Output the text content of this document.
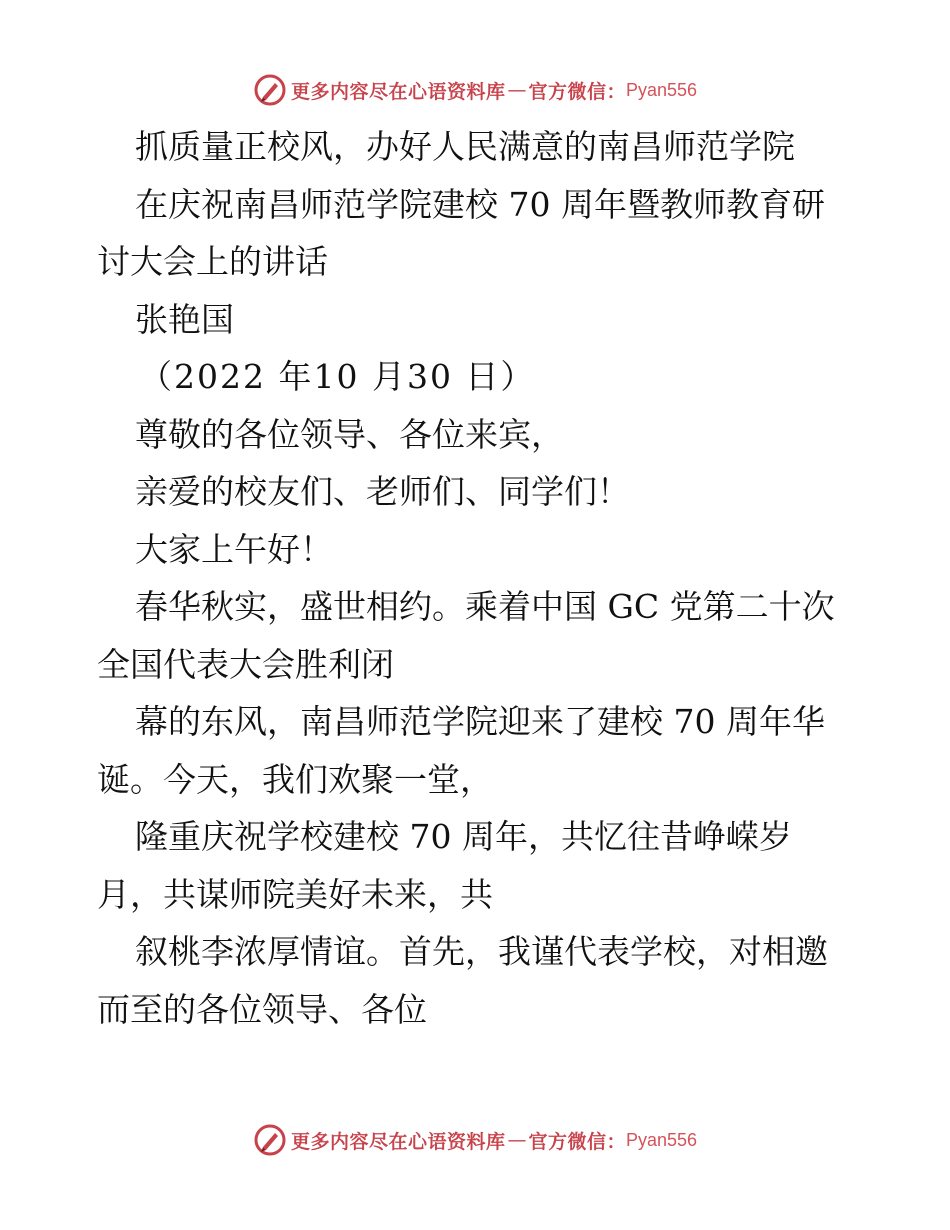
更多内容尽在心语资料库 — 官方微信： Pyan556
抓质量正校风，办好人民满意的南昌师范学院
在庆祝南昌师范学院建校 70 周年暨教师教育研
讨大会上的讲话
张艳国
（2022 年10 月30 日）
尊敬的各位领导、各位来宾，
亲爱的校友们、老师们、同学们！
大家上午好！
春华秋实，盛世相约。乘着中国 GC 党第二十次
全国代表大会胜利闭
幕的东风，南昌师范学院迎来了建校 70 周年华
诞。今天，我们欢聚一堂，
隆重庆祝学校建校 70 周年，共忆往昔峥嵘岁
月，共谋师院美好未来，共
叙桃李浓厚情谊。首先，我谨代表学校，对相邀
而至的各位领导、各位
更多内容尽在心语资料库 — 官方微信： Pyan556
